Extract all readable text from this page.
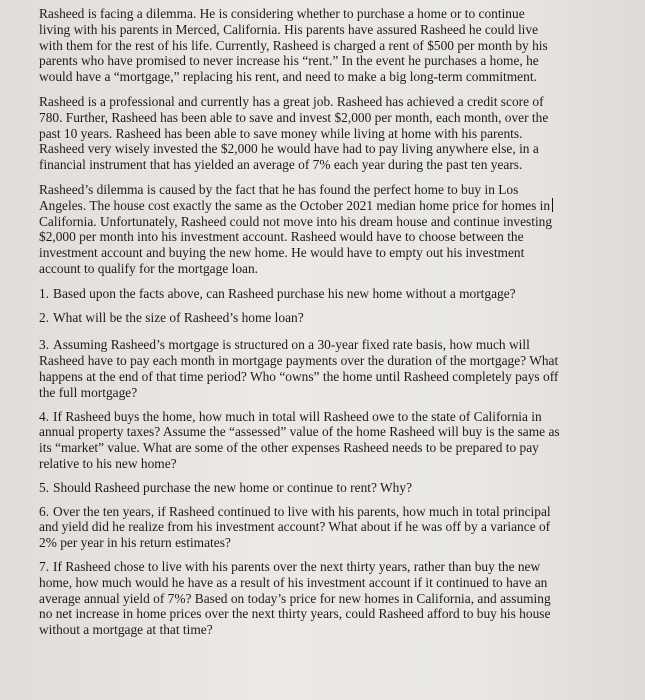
Rasheed is facing a dilemma. He is considering whether to purchase a home or to continue
living with his parents in Merced, California. His parents have assured Rasheed he could live
with them for the rest of his life. Currently, Rasheed is charged a rent of $500 per month by his
parents who have promised to never increase his “rent.” In the event he purchases a home, he
would have a “mortgage,” replacing his rent, and need to make a big long-term commitment.
Rasheed is a professional and currently has a great job. Rasheed has achieved a credit score of
780. Further, Rasheed has been able to save and invest $2,000 per month, each month, over the
past 10 years. Rasheed has been able to save money while living at home with his parents.
Rasheed very wisely invested the $2,000 he would have had to pay living anywhere else, in a
financial instrument that has yielded an average of 7% each year during the past ten years.
Rasheed’s dilemma is caused by the fact that he has found the perfect home to buy in Los
Angeles. The house cost exactly the same as the October 2021 median home price for homes in
California. Unfortunately, Rasheed could not move into his dream house and continue investing
$2,000 per month into his investment account. Rasheed would have to choose between the
investment account and buying the new home. He would have to empty out his investment
account to qualify for the mortgage loan.
1. Based upon the facts above, can Rasheed purchase his new home without a mortgage?
2. What will be the size of Rasheed’s home loan?
3. Assuming Rasheed’s mortgage is structured on a 30-year fixed rate basis, how much will
Rasheed have to pay each month in mortgage payments over the duration of the mortgage? What
happens at the end of that time period? Who “owns” the home until Rasheed completely pays off
the full mortgage?
4. If Rasheed buys the home, how much in total will Rasheed owe to the state of California in
annual property taxes? Assume the “assessed” value of the home Rasheed will buy is the same as
its “market” value. What are some of the other expenses Rasheed needs to be prepared to pay
relative to his new home?
5. Should Rasheed purchase the new home or continue to rent? Why?
6. Over the ten years, if Rasheed continued to live with his parents, how much in total principal
and yield did he realize from his investment account? What about if he was off by a variance of
2% per year in his return estimates?
7. If Rasheed chose to live with his parents over the next thirty years, rather than buy the new
home, how much would he have as a result of his investment account if it continued to have an
average annual yield of 7%? Based on today’s price for new homes in California, and assuming
no net increase in home prices over the next thirty years, could Rasheed afford to buy his house
without a mortgage at that time?
